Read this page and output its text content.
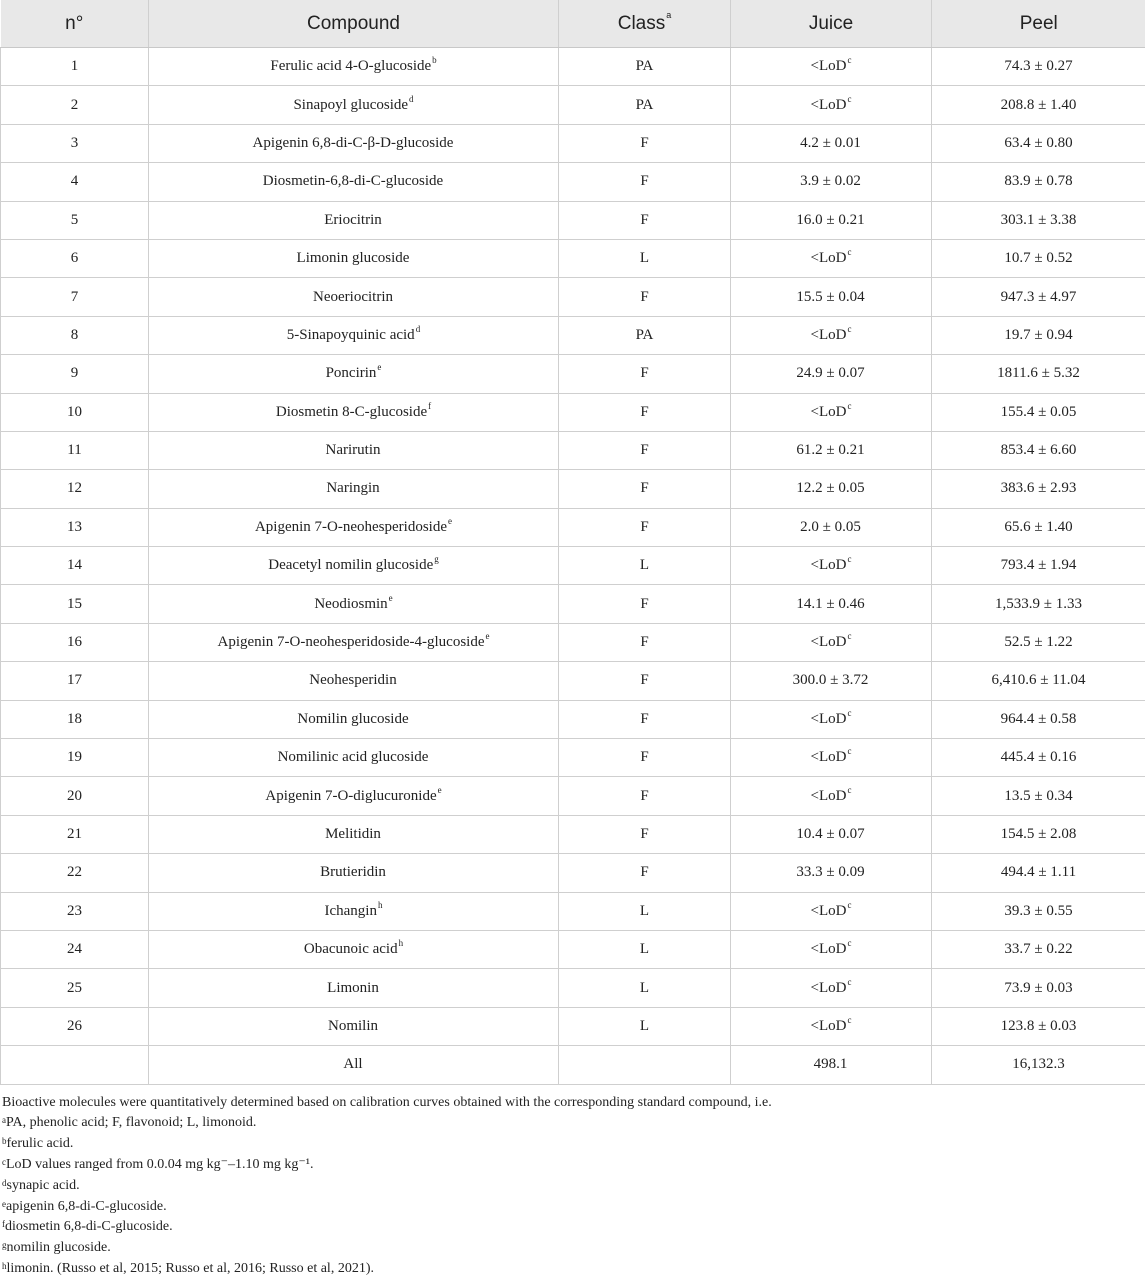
n°	Compound	Class$^a$	Juice	Peel
1	Ferulic acid 4-O-glucoside$^b$	PA	<LoD$^c$	74.3 ± 0.27
2	Sinapoyl glucoside$^d$	PA	<LoD$^c$	208.8 ± 1.40
3	Apigenin 6,8-di-C-β-D-glucoside	F	4.2 ± 0.01	63.4 ± 0.80
4	Diosmetin-6,8-di-C-glucoside	F	3.9 ± 0.02	83.9 ± 0.78
5	Eriocitrin	F	16.0 ± 0.21	303.1 ± 3.38
6	Limonin glucoside	L	<LoD$^c$	10.7 ± 0.52
7	Neoeriocitrin	F	15.5 ± 0.04	947.3 ± 4.97
8	5-Sinapoyquinic acid$^d$	PA	<LoD$^c$	19.7 ± 0.94
9	Poncirin$^e$	F	24.9 ± 0.07	1811.6 ± 5.32
10	Diosmetin 8-C-glucoside$^f$	F	<LoD$^c$	155.4 ± 0.05
11	Narirutin	F	61.2 ± 0.21	853.4 ± 6.60
12	Naringin	F	12.2 ± 0.05	383.6 ± 2.93
13	Apigenin 7-O-neohesperidoside$^e$	F	2.0 ± 0.05	65.6 ± 1.40
14	Deacetyl nomilin glucoside$^g$	L	<LoD$^c$	793.4 ± 1.94
15	Neodiosmin$^e$	F	14.1 ± 0.46	1,533.9 ± 1.33
16	Apigenin 7-O-neohesperidoside-4-glucoside$^e$	F	<LoD$^c$	52.5 ± 1.22
17	Neohesperidin	F	300.0 ± 3.72	6,410.6 ± 11.04
18	Nomilin glucoside	F	<LoD$^c$	964.4 ± 0.58
19	Nomilinic acid glucoside	F	<LoD$^c$	445.4 ± 0.16
20	Apigenin 7-O-diglucuronide$^e$	F	<LoD$^c$	13.5 ± 0.34
21	Melitidin	F	10.4 ± 0.07	154.5 ± 2.08
22	Brutieridin	F	33.3 ± 0.09	494.4 ± 1.11
23	Ichangin$^h$	L	<LoD$^c$	39.3 ± 0.55
24	Obacunoic acid$^h$	L	<LoD$^c$	33.7 ± 0.22
25	Limonin	L	<LoD$^c$	73.9 ± 0.03
26	Nomilin	L	<LoD$^c$	123.8 ± 0.03
	All		498.1	16,132.3
Bioactive molecules were quantitatively determined based on calibration curves obtained with the corresponding standard compound, i.e.
$^a$PA, phenolic acid; F, flavonoid; L, limonoid.
$^b$ferulic acid.
$^c$LoD values ranged from 0.0.04 mg kg⁻–1.10 mg kg⁻¹.
$^d$synapic acid.
$^e$apigenin 6,8-di-C-glucoside.
$^f$diosmetin 6,8-di-C-glucoside.
$^g$nomilin glucoside.
$^h$limonin. (Russo et al, 2015; Russo et al, 2016; Russo et al, 2021).
